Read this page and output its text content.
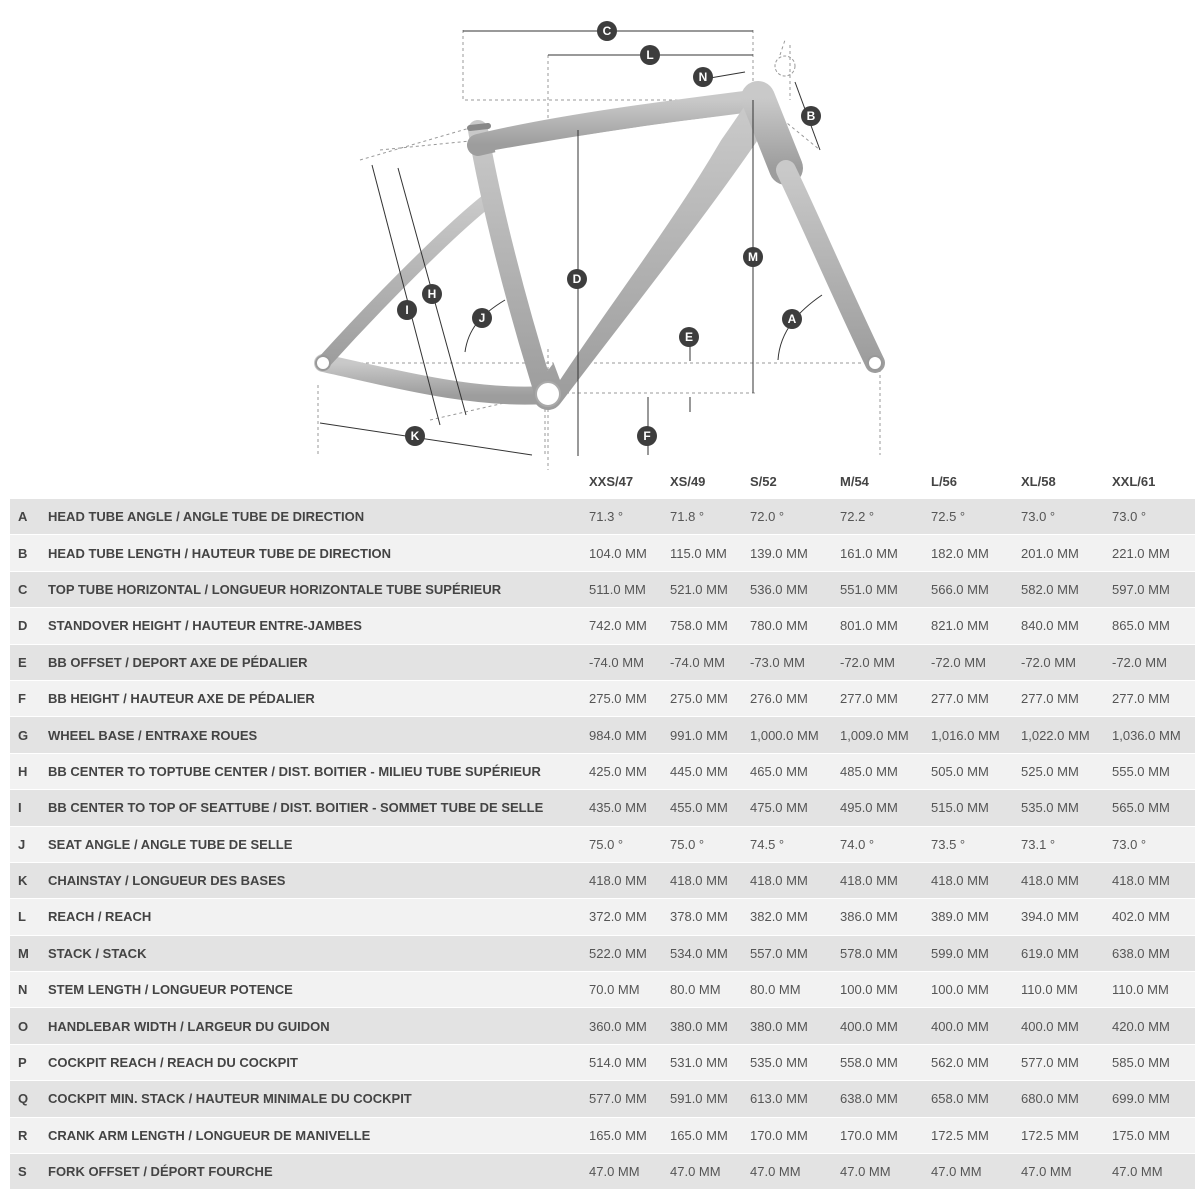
C
L
N
B
M
D
H
I
J	A
E
K	F
		XXS/47	XS/49	S/52	M/54	L/56	XL/58	XXL/61
A	HEAD TUBE ANGLE / ANGLE TUBE DE DIRECTION	71.3 °	71.8 °	72.0 °	72.2 °	72.5 °	73.0 °	73.0 °
B	HEAD TUBE LENGTH / HAUTEUR TUBE DE DIRECTION	104.0 MM	115.0 MM	139.0 MM	161.0 MM	182.0 MM	201.0 MM	221.0 MM
C	TOP TUBE HORIZONTAL / LONGUEUR HORIZONTALE TUBE SUPÉRIEUR	511.0 MM	521.0 MM	536.0 MM	551.0 MM	566.0 MM	582.0 MM	597.0 MM
D	STANDOVER HEIGHT / HAUTEUR ENTRE-JAMBES	742.0 MM	758.0 MM	780.0 MM	801.0 MM	821.0 MM	840.0 MM	865.0 MM
E	BB OFFSET / DEPORT AXE DE PÉDALIER	-74.0 MM	-74.0 MM	-73.0 MM	-72.0 MM	-72.0 MM	-72.0 MM	-72.0 MM
F	BB HEIGHT / HAUTEUR AXE DE PÉDALIER	275.0 MM	275.0 MM	276.0 MM	277.0 MM	277.0 MM	277.0 MM	277.0 MM
G	WHEEL BASE / ENTRAXE ROUES	984.0 MM	991.0 MM	1,000.0 MM	1,009.0 MM	1,016.0 MM	1,022.0 MM	1,036.0 MM
H	BB CENTER TO TOPTUBE CENTER / DIST. BOITIER - MILIEU TUBE SUPÉRIEUR	425.0 MM	445.0 MM	465.0 MM	485.0 MM	505.0 MM	525.0 MM	555.0 MM
I	BB CENTER TO TOP OF SEATTUBE / DIST. BOITIER - SOMMET TUBE DE SELLE	435.0 MM	455.0 MM	475.0 MM	495.0 MM	515.0 MM	535.0 MM	565.0 MM
J	SEAT ANGLE / ANGLE TUBE DE SELLE	75.0 °	75.0 °	74.5 °	74.0 °	73.5 °	73.1 °	73.0 °
K	CHAINSTAY / LONGUEUR DES BASES	418.0 MM	418.0 MM	418.0 MM	418.0 MM	418.0 MM	418.0 MM	418.0 MM
L	REACH / REACH	372.0 MM	378.0 MM	382.0 MM	386.0 MM	389.0 MM	394.0 MM	402.0 MM
M	STACK / STACK	522.0 MM	534.0 MM	557.0 MM	578.0 MM	599.0 MM	619.0 MM	638.0 MM
N	STEM LENGTH / LONGUEUR POTENCE	70.0 MM	80.0 MM	80.0 MM	100.0 MM	100.0 MM	110.0 MM	110.0 MM
O	HANDLEBAR WIDTH / LARGEUR DU GUIDON	360.0 MM	380.0 MM	380.0 MM	400.0 MM	400.0 MM	400.0 MM	420.0 MM
P	COCKPIT REACH / REACH DU COCKPIT	514.0 MM	531.0 MM	535.0 MM	558.0 MM	562.0 MM	577.0 MM	585.0 MM
Q	COCKPIT MIN. STACK / HAUTEUR MINIMALE DU COCKPIT	577.0 MM	591.0 MM	613.0 MM	638.0 MM	658.0 MM	680.0 MM	699.0 MM
R	CRANK ARM LENGTH / LONGUEUR DE MANIVELLE	165.0 MM	165.0 MM	170.0 MM	170.0 MM	172.5 MM	172.5 MM	175.0 MM
S	FORK OFFSET / DÉPORT FOURCHE	47.0 MM	47.0 MM	47.0 MM	47.0 MM	47.0 MM	47.0 MM	47.0 MM
